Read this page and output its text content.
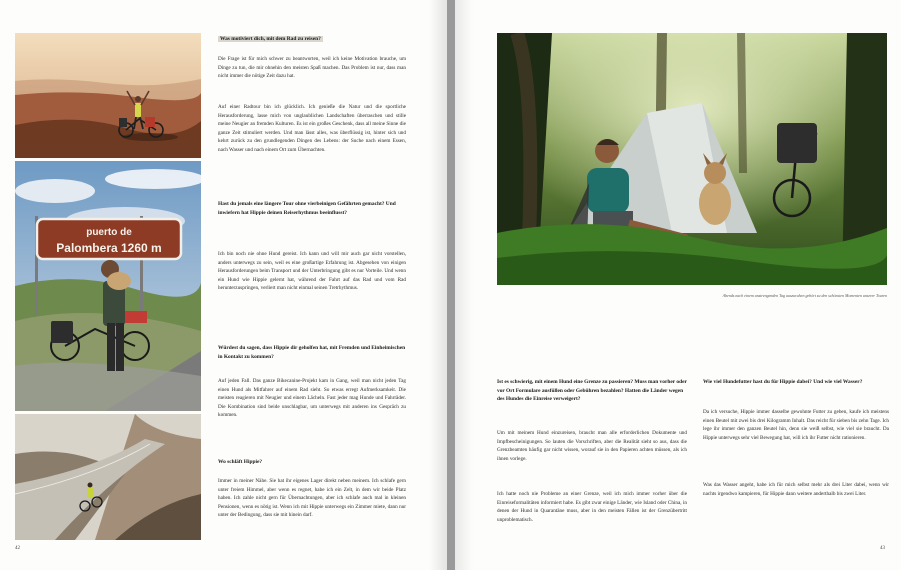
puerto de
Palombera 1260 m

Was motiviert dich, mit dem Rad zu reisen?

Die Frage ist für mich schwer zu beantworten, weil ich keine Motivation brauche, um Dinge zu tun, die mir ohnehin den meisten Spaß machen. Das Problem ist nur, dass man nicht immer die nötige Zeit dazu hat.

Auf einer Radtour bin ich glücklich. Ich genieße die Natur und die sportliche Herausforderung, lasse mich von unglaublichen Landschaften überraschen und stille meine Neugier an fremden Kulturen. Es ist ein großes Geschenk, dass all meine Sinne die ganze Zeit stimuliert werden. Und man lässt alles, was überflüssig ist, hinter sich und kehrt zurück zu den grundlegenden Dingen des Lebens: der Suche nach einem Essen, nach Wasser und nach einem Ort zum Übernachten.

Hast du jemals eine längere Tour ohne vierbeinigen Gefährten gemacht? Und inwiefern hat Hippie deinen Reiserhythmus beeinflusst?

Ich bin noch nie ohne Hund gereist. Ich kann und will mir auch gar nicht vorstellen, anders unterwegs zu sein, weil es eine großartige Erfahrung ist. Abgesehen von einigen Herausforderungen beim Transport und der Unterbringung gibt es nur Vorteile. Und wenn ein Hund wie Hippie gelernt hat, während der Fahrt auf das Rad und vom Rad herunterzuspringen, verliert man nicht einmal seinen Tretrhythmus.

Würdest du sagen, dass Hippie dir geholfen hat, mit Fremden und Einheimischen in Kontakt zu kommen?

Auf jeden Fall. Das ganze Bikecanine-Projekt kam in Gang, weil man nicht jeden Tag einen Hund als Mitfahrer auf einem Rad sieht. So etwas erregt Aufmerksamkeit. Die meisten reagieren mit Neugier und einem Lächeln. Fast jeder mag Hunde und Fahrräder. Die Kombination sind beide unschlagbar, um unterwegs mit anderen ins Gespräch zu kommen.

Wo schläft Hippie?

Immer in meiner Nähe. Sie hat ihr eigenes Lager direkt neben meinem. Ich schlafe gern unter freiem Himmel, aber wenn es regnet, habe ich ein Zelt, in dem wir beide Platz haben. Ich zahle nicht gern für Übernachtungen, aber ich schlafe auch mal in kleinen Pensionen, wenn es nötig ist. Wenn ich mit Hippie unterwegs ein Zimmer miete, dann nur unter der Bedingung, dass sie mit hinein darf.

42
Abends nach einem anstrengenden Tag auszuruhen gehört zu den schönsten Momenten unserer Touren

Ist es schwierig, mit einem Hund eine Grenze zu passieren? Muss man vorher oder vor Ort Formulare ausfüllen oder Gebühren bezahlen? Hatten die Länder wegen des Hundes die Einreise verweigert?

Um mit meinem Hund einzureisen, braucht man alle erforderlichen Dokumente und Impfbescheinigungen. So lauten die Vorschriften, aber die Realität sieht so aus, dass die Grenzbeamten häufig gar nicht wissen, worauf sie in den Papieren achten müssen, als ich ihnen vorlege.

Ich hatte noch nie Probleme an einer Grenze, weil ich mich immer vorher über die Einreiseformalitäten informiert habe. Es gibt zwar einige Länder, wie Island oder China, in denen der Hund in Quarantäne muss, aber in den meisten Fällen ist der Grenzübertritt unproblematisch.

Wie viel Hundefutter hast du für Hippie dabei? Und wie viel Wasser?

Da ich versuche, Hippie immer dasselbe gewohnte Futter zu geben, kaufe ich meistens einen Beutel mit zwei bis drei Kilogramm Inhalt. Das reicht für sieben bis zehn Tage. Ich lege ihr immer den ganzen Beutel hin, denn sie weiß selbst, wie viel sie braucht. Da Hippie unterwegs sehr viel Bewegung hat, will ich ihr Futter nicht rationieren.

Was das Wasser angeht, habe ich für mich selbst mehr als drei Liter dabei, wenn wir nachts irgendwo kampieren, für Hippie dann weitere anderthalb bis zwei Liter.

43
